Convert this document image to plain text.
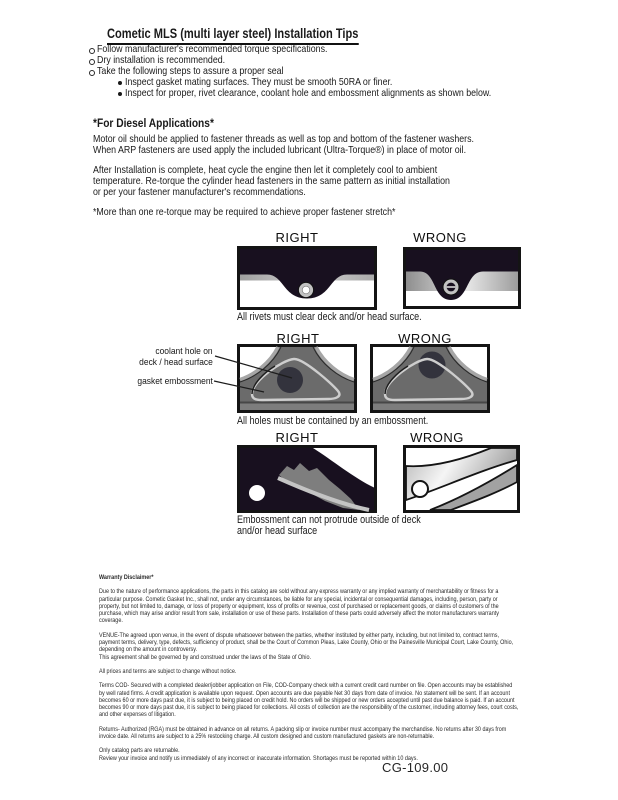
Cometic MLS (multi layer steel) Installation Tips
Follow manufacturer's recommended torque specifications.
Dry installation is recommended.
Take the following steps to assure a proper seal
Inspect gasket mating surfaces. They must be smooth 50RA or finer.
Inspect for proper, rivet clearance, coolant hole and embossment alignments as shown below.
*For Diesel Applications*
Motor oil should be applied to fastener threads as well as top and bottom of the fastener washers.
When ARP fasteners are used apply the included lubricant (Ultra-Torque®) in place of motor oil.
After Installation is complete, heat cycle the engine then let it completely cool to ambient
temperature. Re-torque the cylinder head fasteners in the same pattern as initial installation
or per your fastener manufacturer's recommendations.
*More than one re-torque may be required to achieve proper fastener stretch*
RIGHT	WRONG
All rivets must clear deck and/or head surface.
RIGHT	WRONG
coolant hole on
deck / head surface
gasket embossment
All holes must be contained by an embossment.
RIGHT	WRONG
Embossment can not protrude outside of deck
and/or head surface

Warranty Disclaimer*

Due to the nature of performance applications, the parts in this catalog are sold without any express warranty or any implied warranty of merchantability or fitness for a particular purpose. Cometic Gasket Inc., shall not, under any circumstances, be liable for any special, incidental or consequential damages, including, person, party or property, but not limited to, damage, or loss of property or equipment, loss of profits or revenue, cost of purchased or replacement goods, or claims of customers of the purchase, which may arise and/or result from sale, installation or use of these parts. Installation of these parts could adversely affect the motor manufacturers warranty coverage.

VENUE-The agreed upon venue, in the event of dispute whatsoever between the parties, whether instituted by either party, including, but not limited to, contract terms, payment terms, delivery, type, defects, sufficiency of product, shall be the Court of Common Pleas, Lake County, Ohio or the Painesville Municipal Court, Lake County, Ohio, depending on the amount in controversy.

This agreement shall be governed by and construed under the laws of the State of Ohio.

All prices and terms are subject to change without notice.

Terms COD- Secured with a completed dealer/jobber application on File, COD-Company check with a current credit card number on file. Open accounts may be established by well rated firms. A credit application is available upon request. Open accounts are due payable Net 30 days from date of invoice. No statement will be sent. If an account becomes 60 or more days past due, it is subject to being placed on credit hold. No orders will be shipped or new orders accepted until past due balance is paid. If an account becomes 90 or more days past due, it is subject to being placed for collections. All costs of collection are the responsibility of the customer, including attorney fees, court costs, and other expenses of litigation.

Returns- Authorized (RGA) must be obtained in advance on all returns. A packing slip or invoice number must accompany the merchandise. No returns after 30 days from invoice date. All returns are subject to a 25% restocking charge. All custom designed and custom manufactured gaskets are non-returnable.

Only catalog parts are returnable.

Review your invoice and notify us immediately of any incorrect or inaccurate information. Shortages must be reported within 10 days.

CG-109.00
